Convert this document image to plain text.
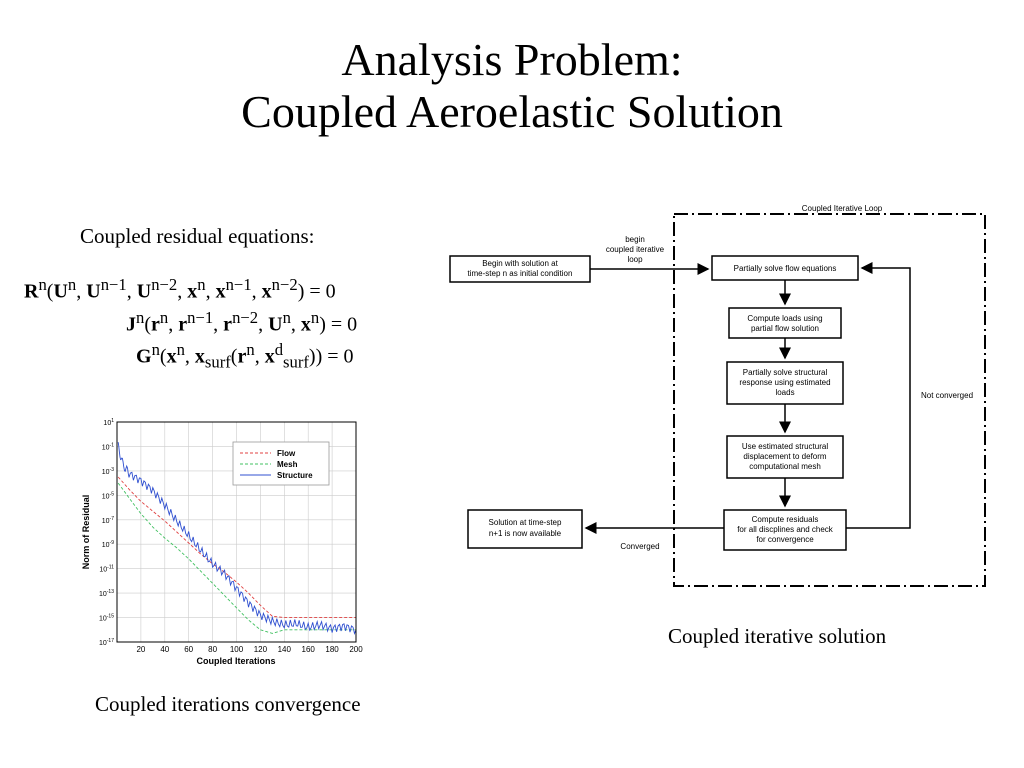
Analysis Problem:
Coupled Aeroelastic Solution
Coupled residual equations:
$R^n(U^n$, $U^{n-1}$, $U^{n-2}$, $x^n$, $x^{n-1}$, $x^{n-2}) = 0$
$J^n(r^n$, $r^{n-1}$, $r^{n-2}$, $U^n$, $x^n) = 0$
$G^n(x^n$, $x_{surf}(r^n$, $x^d_{surf})) = 0$
20 40 60 80 100 120 140 160 180 200
$10^1$
$10^{-1}$
$10^{-3}$
$10^{-5}$
$10^{-7}$
$10^{-9}$
$10^{-11}$
$10^{-13}$
$10^{-15}$
$10^{-17}$
Coupled Iterations
Norm of Residual
Flow
Mesh
Structure
Coupled iterations convergence
Coupled Iterative Loop
Begin with solution at
time-step n as initial condition
begin
coupled iterative
loop
Partially solve flow equations
Compute loads using
partial flow solution
Partially solve structural
response using estimated
loads
Use estimated structural
displacement to deform
computational mesh
Compute residuals
for all discplines and check
for convergence
Not converged
Converged
Solution at time-step
n+1 is now available
Coupled iterative solution
